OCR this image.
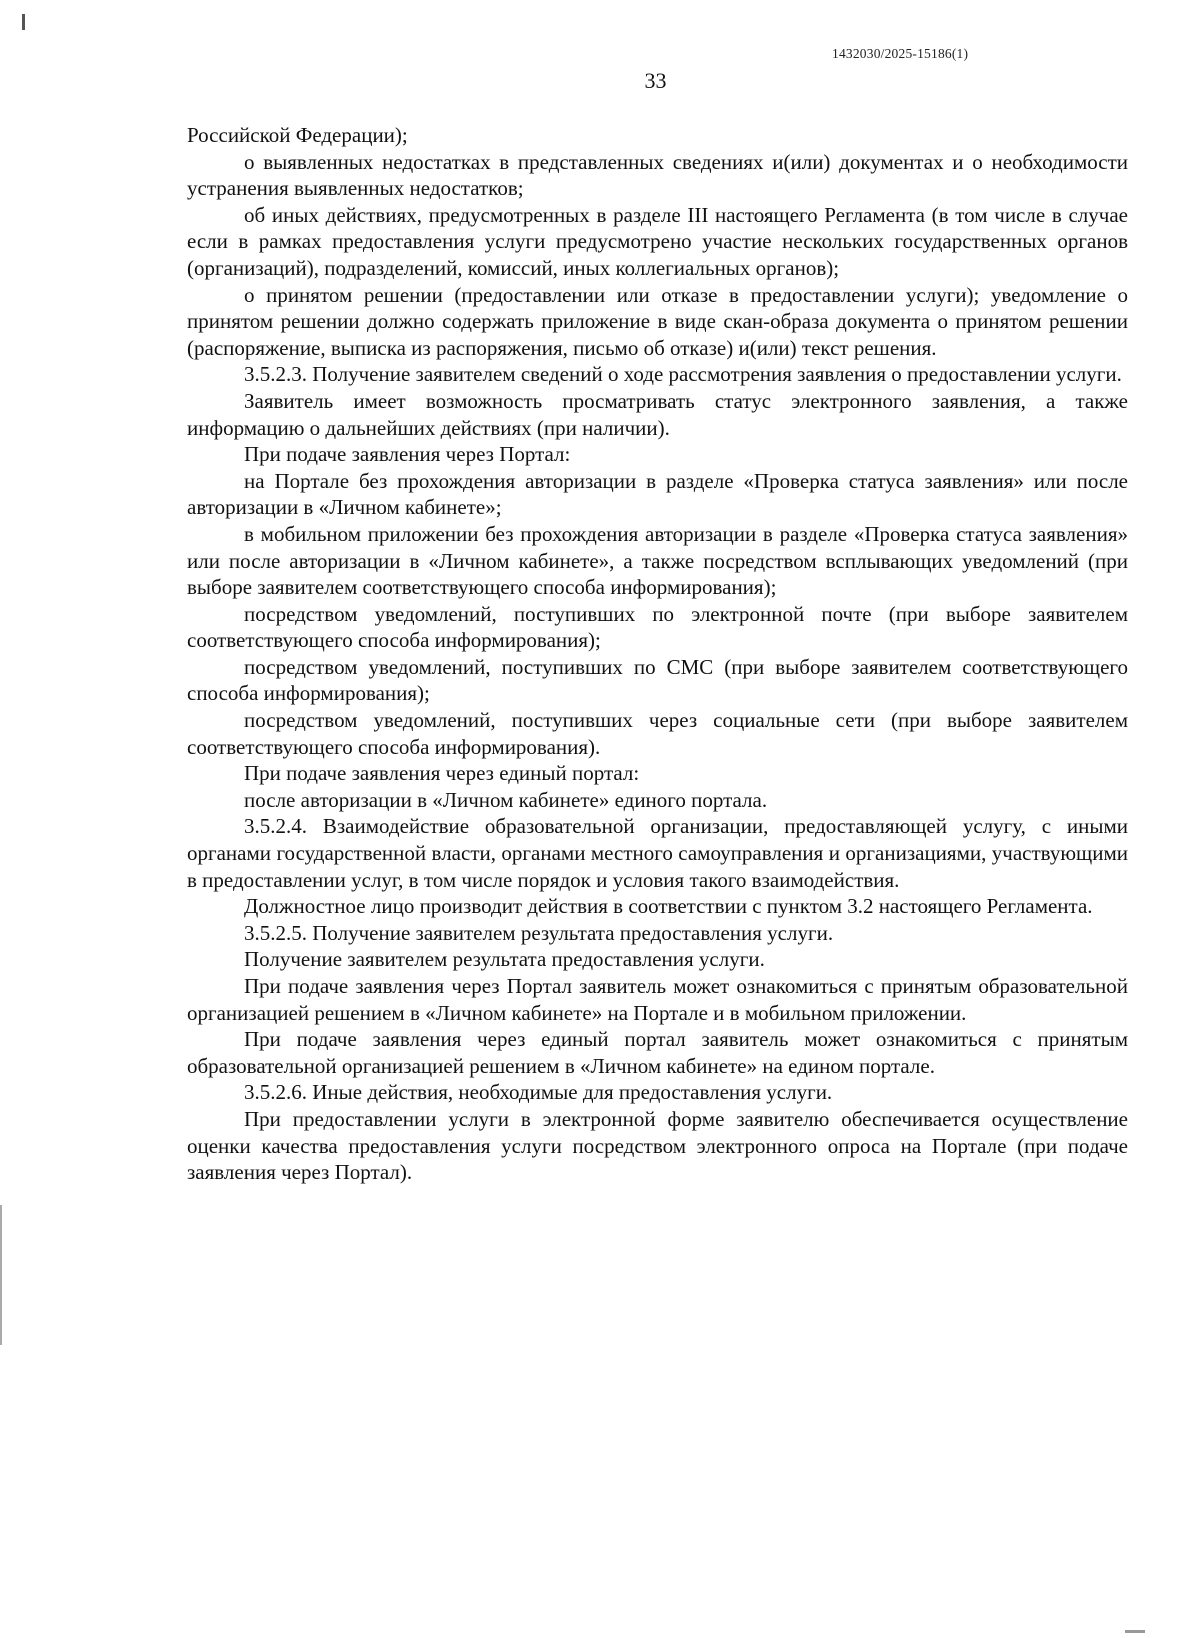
1432030/2025-15186(1)
33

Российской Федерации);

о выявленных недостатках в представленных сведениях и(или) документах и о необходимости устранения выявленных недостатков;

об иных действиях, предусмотренных в разделе III настоящего Регламента (в том числе в случае если в рамках предоставления услуги предусмотрено участие нескольких государственных органов (организаций), подразделений, комиссий, иных коллегиальных органов);

о принятом решении (предоставлении или отказе в предоставлении услуги); уведомление о принятом решении должно содержать приложение в виде скан-образа документа о принятом решении (распоряжение, выписка из распоряжения, письмо об отказе) и(или) текст решения.

3.5.2.3. Получение заявителем сведений о ходе рассмотрения заявления о предоставлении услуги.

Заявитель имеет возможность просматривать статус электронного заявления, а также информацию о дальнейших действиях (при наличии).

При подаче заявления через Портал:

на Портале без прохождения авторизации в разделе «Проверка статуса заявления» или после авторизации в «Личном кабинете»;

в мобильном приложении без прохождения авторизации в разделе «Проверка статуса заявления» или после авторизации в «Личном кабинете», а также посредством всплывающих уведомлений (при выборе заявителем соответствующего способа информирования);

посредством уведомлений, поступивших по электронной почте (при выборе заявителем соответствующего способа информирования);

посредством уведомлений, поступивших по СМС (при выборе заявителем соответствующего способа информирования);

посредством уведомлений, поступивших через социальные сети (при выборе заявителем соответствующего способа информирования).

При подаче заявления через единый портал:

после авторизации в «Личном кабинете» единого портала.

3.5.2.4. Взаимодействие образовательной организации, предоставляющей услугу, с иными органами государственной власти, органами местного самоуправления и организациями, участвующими в предоставлении услуг, в том числе порядок и условия такого взаимодействия.

Должностное лицо производит действия в соответствии с пунктом 3.2 настоящего Регламента.

3.5.2.5. Получение заявителем результата предоставления услуги.

Получение заявителем результата предоставления услуги.

При подаче заявления через Портал заявитель может ознакомиться с принятым образовательной организацией решением в «Личном кабинете» на Портале и в мобильном приложении.

При подаче заявления через единый портал заявитель может ознакомиться с принятым образовательной организацией решением в «Личном кабинете» на едином портале.

3.5.2.6. Иные действия, необходимые для предоставления услуги.

При предоставлении услуги в электронной форме заявителю обеспечивается осуществление оценки качества предоставления услуги посредством электронного опроса на Портале (при подаче заявления через Портал).
